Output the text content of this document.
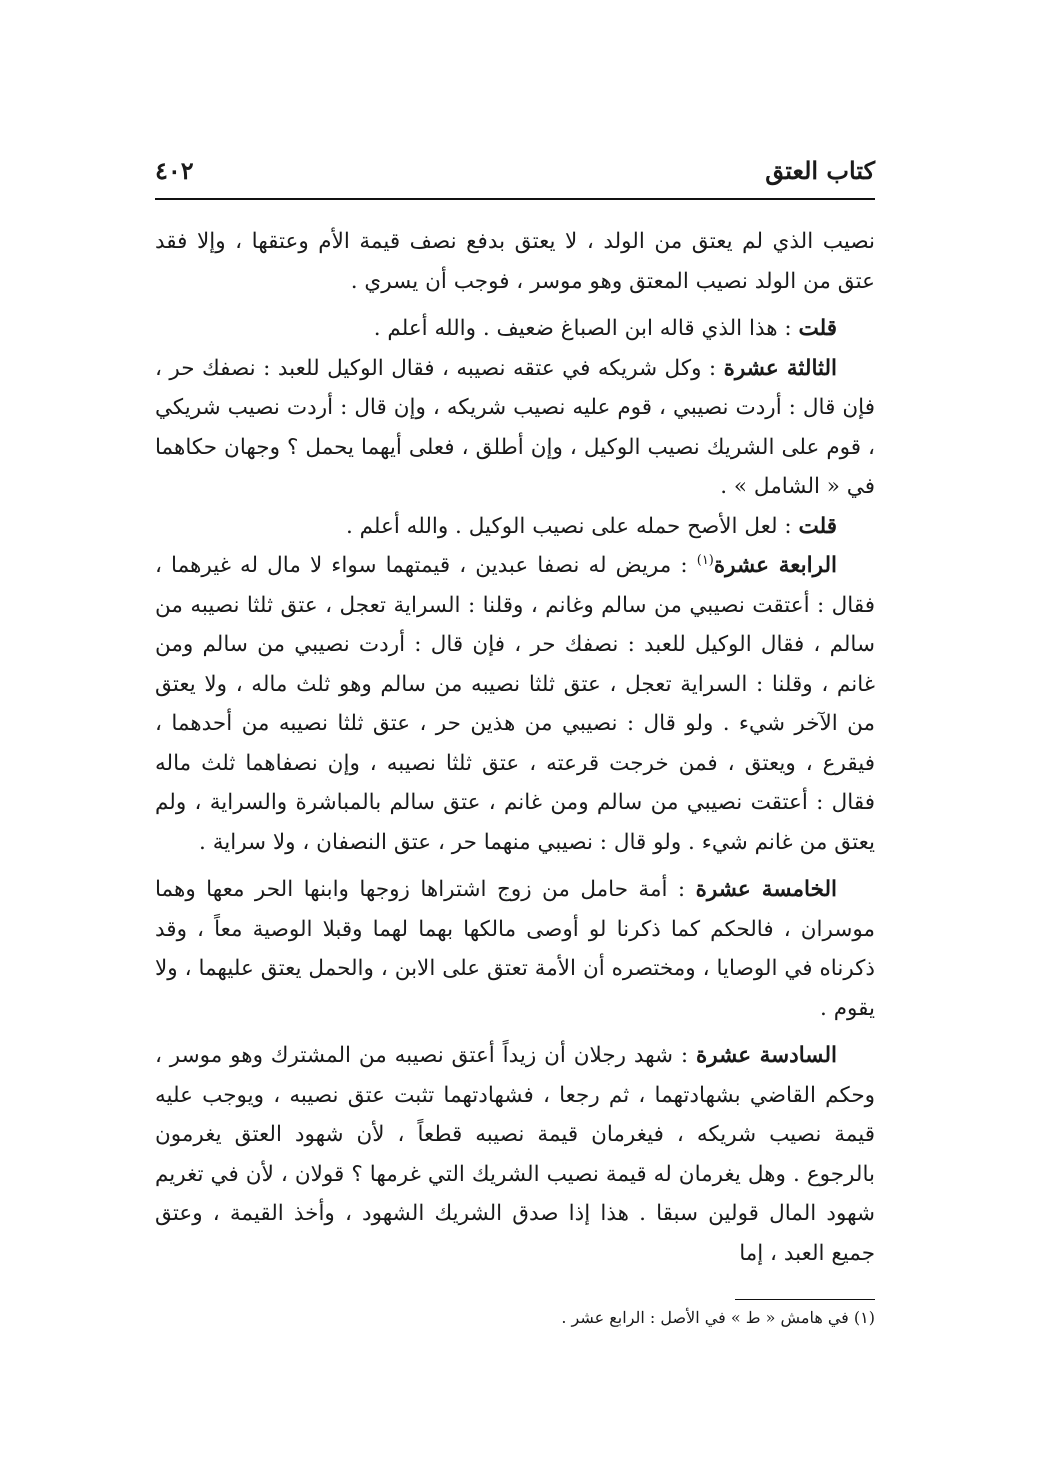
كتاب العتق
٤٠٢

نصيب الذي لم يعتق من الولد ، لا يعتق بدفع نصف قيمة الأم وعتقها ، وإلا فقد عتق من الولد نصيب المعتق وهو موسر ، فوجب أن يسري .

قلت : هذا الذي قاله ابن الصباغ ضعيف . والله أعلم .

الثالثة عشرة : وكل شريكه في عتقه نصيبه ، فقال الوكيل للعبد : نصفك حر ، فإن قال : أردت نصيبي ، قوم عليه نصيب شريكه ، وإن قال : أردت نصيب شريكي ، قوم على الشريك نصيب الوكيل ، وإن أطلق ، فعلى أيهما يحمل ؟ وجهان حكاهما في « الشامل » .

قلت : لعل الأصح حمله على نصيب الوكيل . والله أعلم .

الرابعة عشرة$^{(١)}$ : مريض له نصفا عبدين ، قيمتهما سواء لا مال له غيرهما ، فقال : أعتقت نصيبي من سالم وغانم ، وقلنا : السراية تعجل ، عتق ثلثا نصيبه من سالم ، فقال الوكيل للعبد : نصفك حر ، فإن قال : أردت نصيبي من سالم ومن غانم ، وقلنا : السراية تعجل ، عتق ثلثا نصيبه من سالم وهو ثلث ماله ، ولا يعتق من الآخر شيء . ولو قال : نصيبي من هذين حر ، عتق ثلثا نصيبه من أحدهما ، فيقرع ، ويعتق ، فمن خرجت قرعته ، عتق ثلثا نصيبه ، وإن نصفاهما ثلث ماله فقال : أعتقت نصيبي من سالم ومن غانم ، عتق سالم بالمباشرة والسراية ، ولم يعتق من غانم شيء . ولو قال : نصيبي منهما حر ، عتق النصفان ، ولا سراية .

الخامسة عشرة : أمة حامل من زوج اشتراها زوجها وابنها الحر معها وهما موسران ، فالحكم كما ذكرنا لو أوصى مالكها بهما لهما وقبلا الوصية معاً ، وقد ذكرناه في الوصايا ، ومختصره أن الأمة تعتق على الابن ، والحمل يعتق عليهما ، ولا يقوم .

السادسة عشرة : شهد رجلان أن زيداً أعتق نصيبه من المشترك وهو موسر ، وحكم القاضي بشهادتهما ، ثم رجعا ، فشهادتهما تثبت عتق نصيبه ، ويوجب عليه قيمة نصيب شريكه ، فيغرمان قيمة نصيبه قطعاً ، لأن شهود العتق يغرمون بالرجوع . وهل يغرمان له قيمة نصيب الشريك التي غرمها ؟ قولان ، لأن في تغريم شهود المال قولين سبقا . هذا إذا صدق الشريك الشهود ، وأخذ القيمة ، وعتق جميع العبد ، إما

(١) في هامش « ط » في الأصل : الرابع عشر .
